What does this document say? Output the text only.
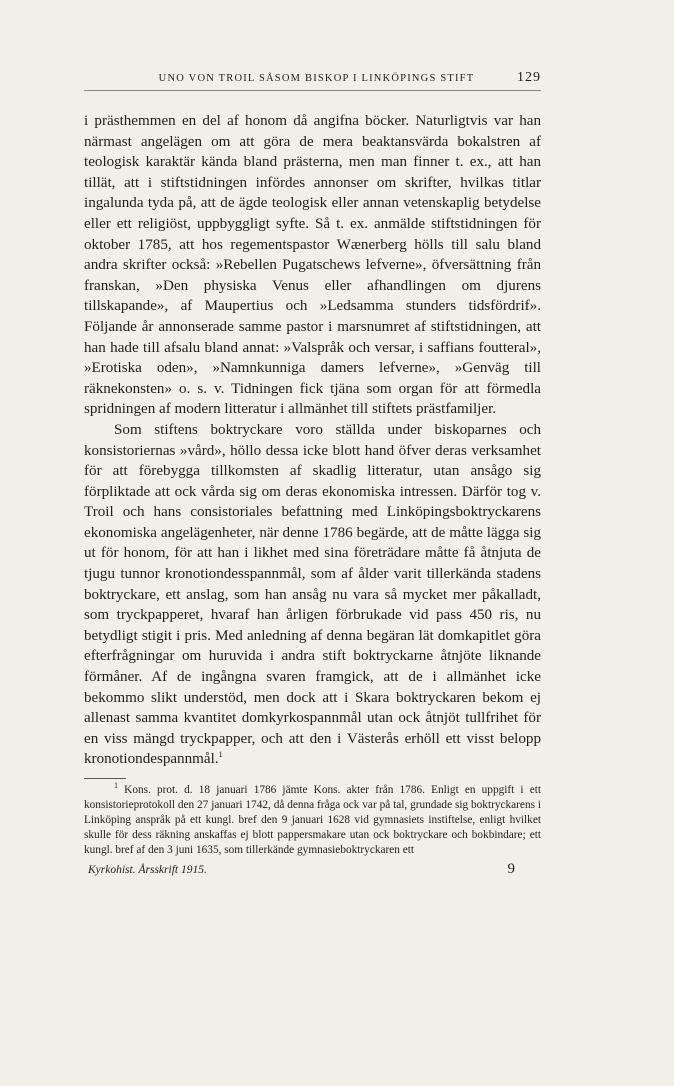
UNO VON TROIL SÅSOM BISKOP I LINKÖPINGS STIFT	129

i prästhemmen en del af honom då angifna böcker. Naturligtvis var han närmast angelägen om att göra de mera beaktansvärda bokalstren af teologisk karaktär kända bland prästerna, men man finner t. ex., att han tillät, att i stiftstidningen infördes annonser om skrifter, hvilkas titlar ingalunda tyda på, att de ägde teologisk eller annan vetenskaplig betydelse eller ett religiöst, uppbyggligt syfte. Så t. ex. anmälde stiftstidningen för oktober 1785, att hos regementspastor Wænerberg hölls till salu bland andra skrifter också: »Rebellen Pugatschews lefverne», öfversättning från franskan, »Den physiska Venus eller afhandlingen om djurens tillskapande», af Maupertius och »Ledsamma stunders tidsfördrif». Följande år annonserade samme pastor i marsnumret af stiftstidningen, att han hade till afsalu bland annat: »Valspråk och versar, i saffians foutteral», »Erotiska oden», »Namnkunniga damers lefverne», »Genväg till räknekonsten» o. s. v. Tidningen fick tjäna som organ för att förmedla spridningen af modern litteratur i allmänhet till stiftets prästfamiljer.

Som stiftens boktryckare voro ställda under biskoparnes och konsistoriernas »vård», höllo dessa icke blott hand öfver deras verksamhet för att förebygga tillkomsten af skadlig litteratur, utan ansågo sig förpliktade att ock vårda sig om deras ekonomiska intressen. Därför tog v. Troil och hans consistoriales befattning med Linköpingsboktryckarens ekonomiska angelägenheter, när denne 1786 begärde, att de måtte lägga sig ut för honom, för att han i likhet med sina företrädare måtte få åtnjuta de tjugu tunnor kronotiondesspannmål, som af ålder varit tillerkända stadens boktryckare, ett anslag, som han ansåg nu vara så mycket mer påkalladt, som tryckpapperet, hvaraf han årligen förbrukade vid pass 450 ris, nu betydligt stigit i pris. Med anledning af denna begäran lät domkapitlet göra efterfrågningar om huruvida i andra stift boktryckarne åtnjöte liknande förmåner. Af de ingångna svaren framgick, att de i allmänhet icke bekommo slikt understöd, men dock att i Skara boktryckaren bekom ej allenast samma kvantitet domkyrkospannmål utan ock åtnjöt tullfrihet för en viss mängd tryckpapper, och att den i Västerås erhöll ett visst belopp kronotiondespannmål.$^1$

$^1$ Kons. prot. d. 18 januari 1786 jämte Kons. akter från 1786. Enligt en uppgift i ett konsistorieprotokoll den 27 januari 1742, då denna fråga ock var på tal, grundade sig boktryckarens i Linköping anspråk på ett kungl. bref den 9 januari 1628 vid gymnasiets instiftelse, enligt hvilket skulle för dess räkning anskaffas ej blott pappersmakare utan ock boktryckare och bokbindare; ett kungl. bref af den 3 juni 1635, som tillerkände gymnasieboktryckaren ett

Kyrkohist. Årsskrift 1915.	9
